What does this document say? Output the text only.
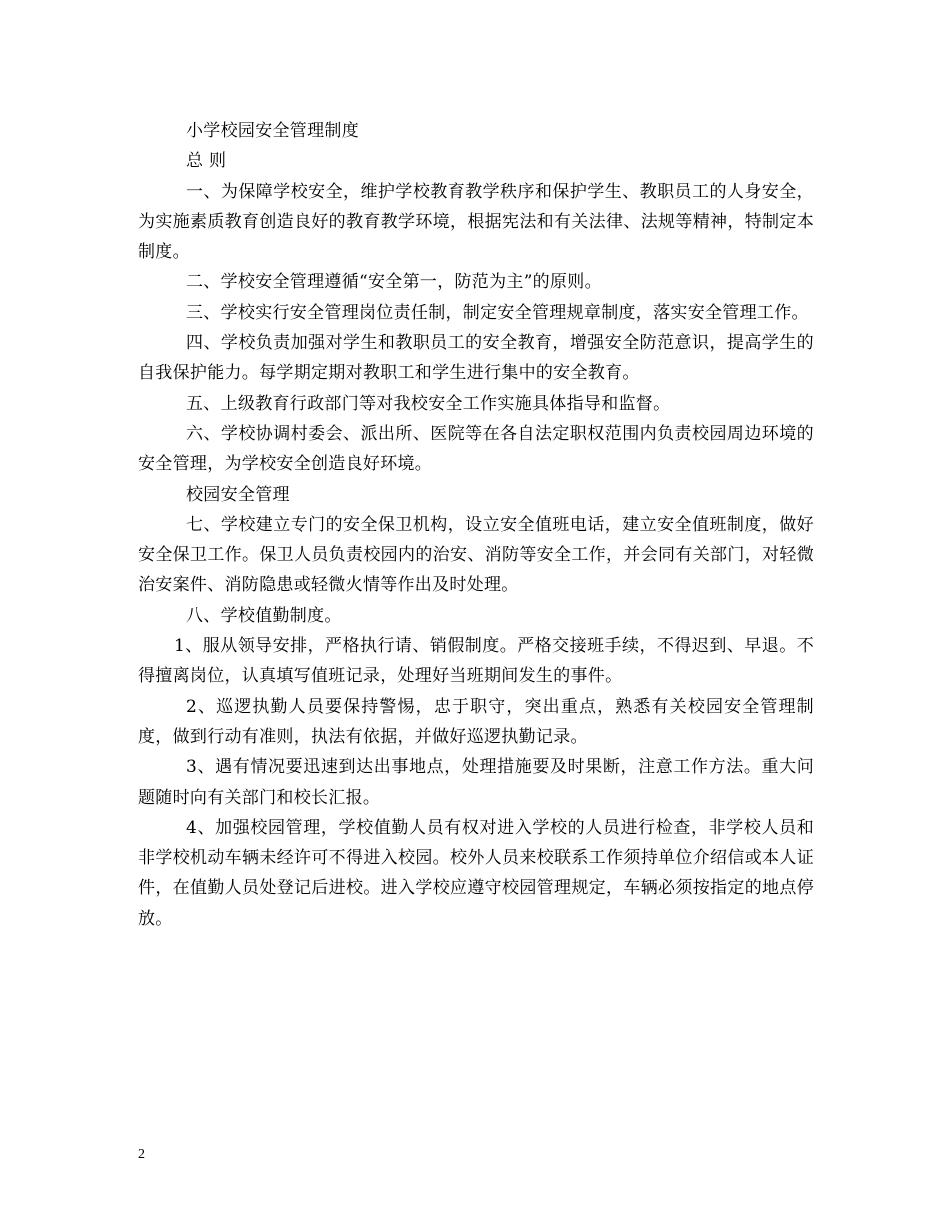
小学校园安全管理制度

总 则

一、为保障学校安全，维护学校教育教学秩序和保护学生、教职员工的人身安全，为实施素质教育创造良好的教育教学环境，根据宪法和有关法律、法规等精神，特制定本制度。

二、学校安全管理遵循“安全第一，防范为主”的原则。

三、学校实行安全管理岗位责任制，制定安全管理规章制度，落实安全管理工作。

四、学校负责加强对学生和教职员工的安全教育，增强安全防范意识，提高学生的自我保护能力。每学期定期对教职工和学生进行集中的安全教育。

五、上级教育行政部门等对我校安全工作实施具体指导和监督。

六、学校协调村委会、派出所、医院等在各自法定职权范围内负责校园周边环境的安全管理，为学校安全创造良好环境。

校园安全管理

七、学校建立专门的安全保卫机构，设立安全值班电话，建立安全值班制度，做好安全保卫工作。保卫人员负责校园内的治安、消防等安全工作，并会同有关部门，对轻微治安案件、消防隐患或轻微火情等作出及时处理。

八、学校值勤制度。

1、服从领导安排，严格执行请、销假制度。严格交接班手续，不得迟到、早退。不得擅离岗位，认真填写值班记录，处理好当班期间发生的事件。

2、巡逻执勤人员要保持警惕，忠于职守，突出重点，熟悉有关校园安全管理制度，做到行动有准则，执法有依据，并做好巡逻执勤记录。

3、遇有情况要迅速到达出事地点，处理措施要及时果断，注意工作方法。重大问题随时向有关部门和校长汇报。

4、加强校园管理，学校值勤人员有权对进入学校的人员进行检查，非学校人员和非学校机动车辆未经许可不得进入校园。校外人员来校联系工作须持单位介绍信或本人证件，在值勤人员处登记后进校。进入学校应遵守校园管理规定，车辆必须按指定的地点停放。

2
